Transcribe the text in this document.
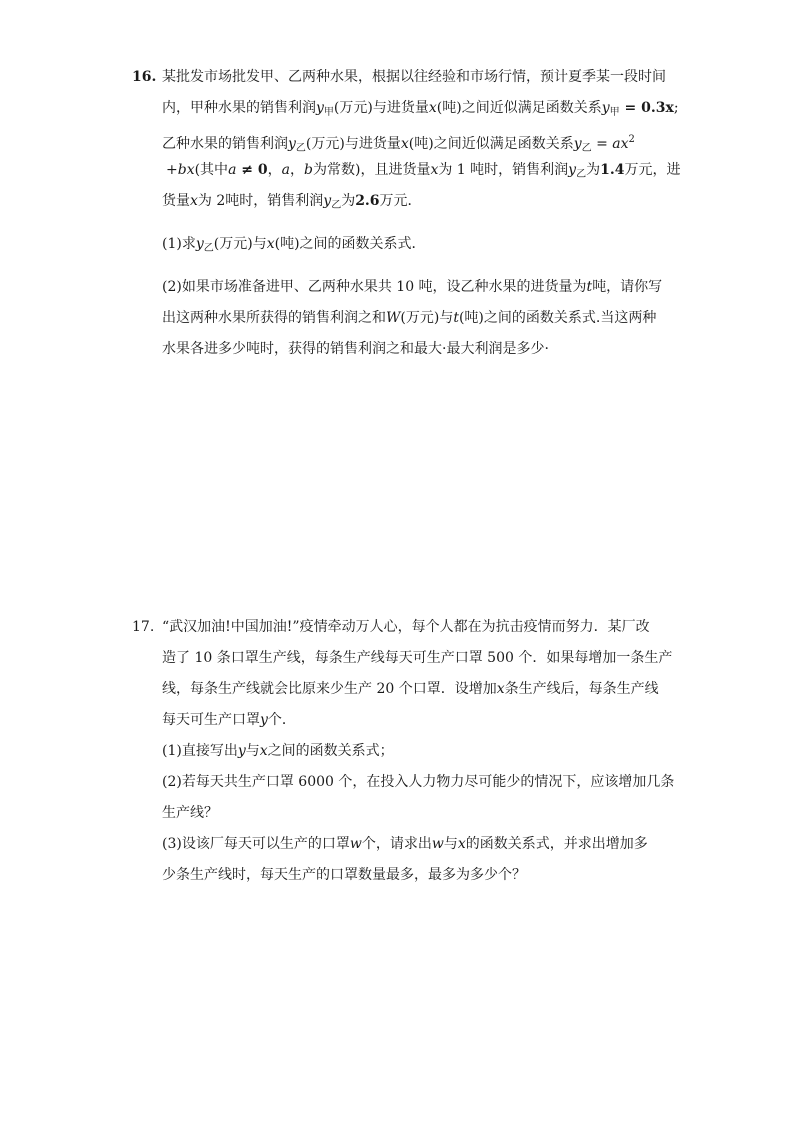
16. 某批发市场批发甲、乙两种水果，根据以往经验和市场行情，预计夏季某一段时间
内，甲种水果的销售利润$y_甲$(万元)与进货量x(吨)之间近似满足函数关系$y_甲 = 0.3x$;
乙种水果的销售利润$y_乙$(万元)与进货量x(吨)之间近似满足函数关系$y_乙 = ax^2$
+bx(其中a ≠ 0，a，b为常数)，且进货量x为 1 吨时，销售利润$y_乙$为1.4万元，进
货量x为 2吨时，销售利润$y_乙$为2.6万元．
(1)求$y_乙$(万元)与x(吨)之间的函数关系式．
(2)如果市场准备进甲、乙两种水果共 10 吨，设乙种水果的进货量为t吨，请你写
出这两种水果所获得的销售利润之和W(万元)与t(吨)之间的函数关系式.当这两种
水果各进多少吨时，获得的销售利润之和最大·最大利润是多少·
17. “武汉加油!中国加油!”疫情牵动万人心，每个人都在为抗击疫情而努力．某厂改
造了 10 条口罩生产线，每条生产线每天可生产口罩 500 个．如果每增加一条生产
线，每条生产线就会比原来少生产 20 个口罩．设增加x条生产线后，每条生产线
每天可生产口罩y个．
(1)直接写出y与x之间的函数关系式；
(2)若每天共生产口罩 6000 个，在投入人力物力尽可能少的情况下，应该增加几条
生产线？
(3)设该厂每天可以生产的口罩w个，请求出w与x的函数关系式，并求出增加多
少条生产线时，每天生产的口罩数量最多，最多为多少个？
